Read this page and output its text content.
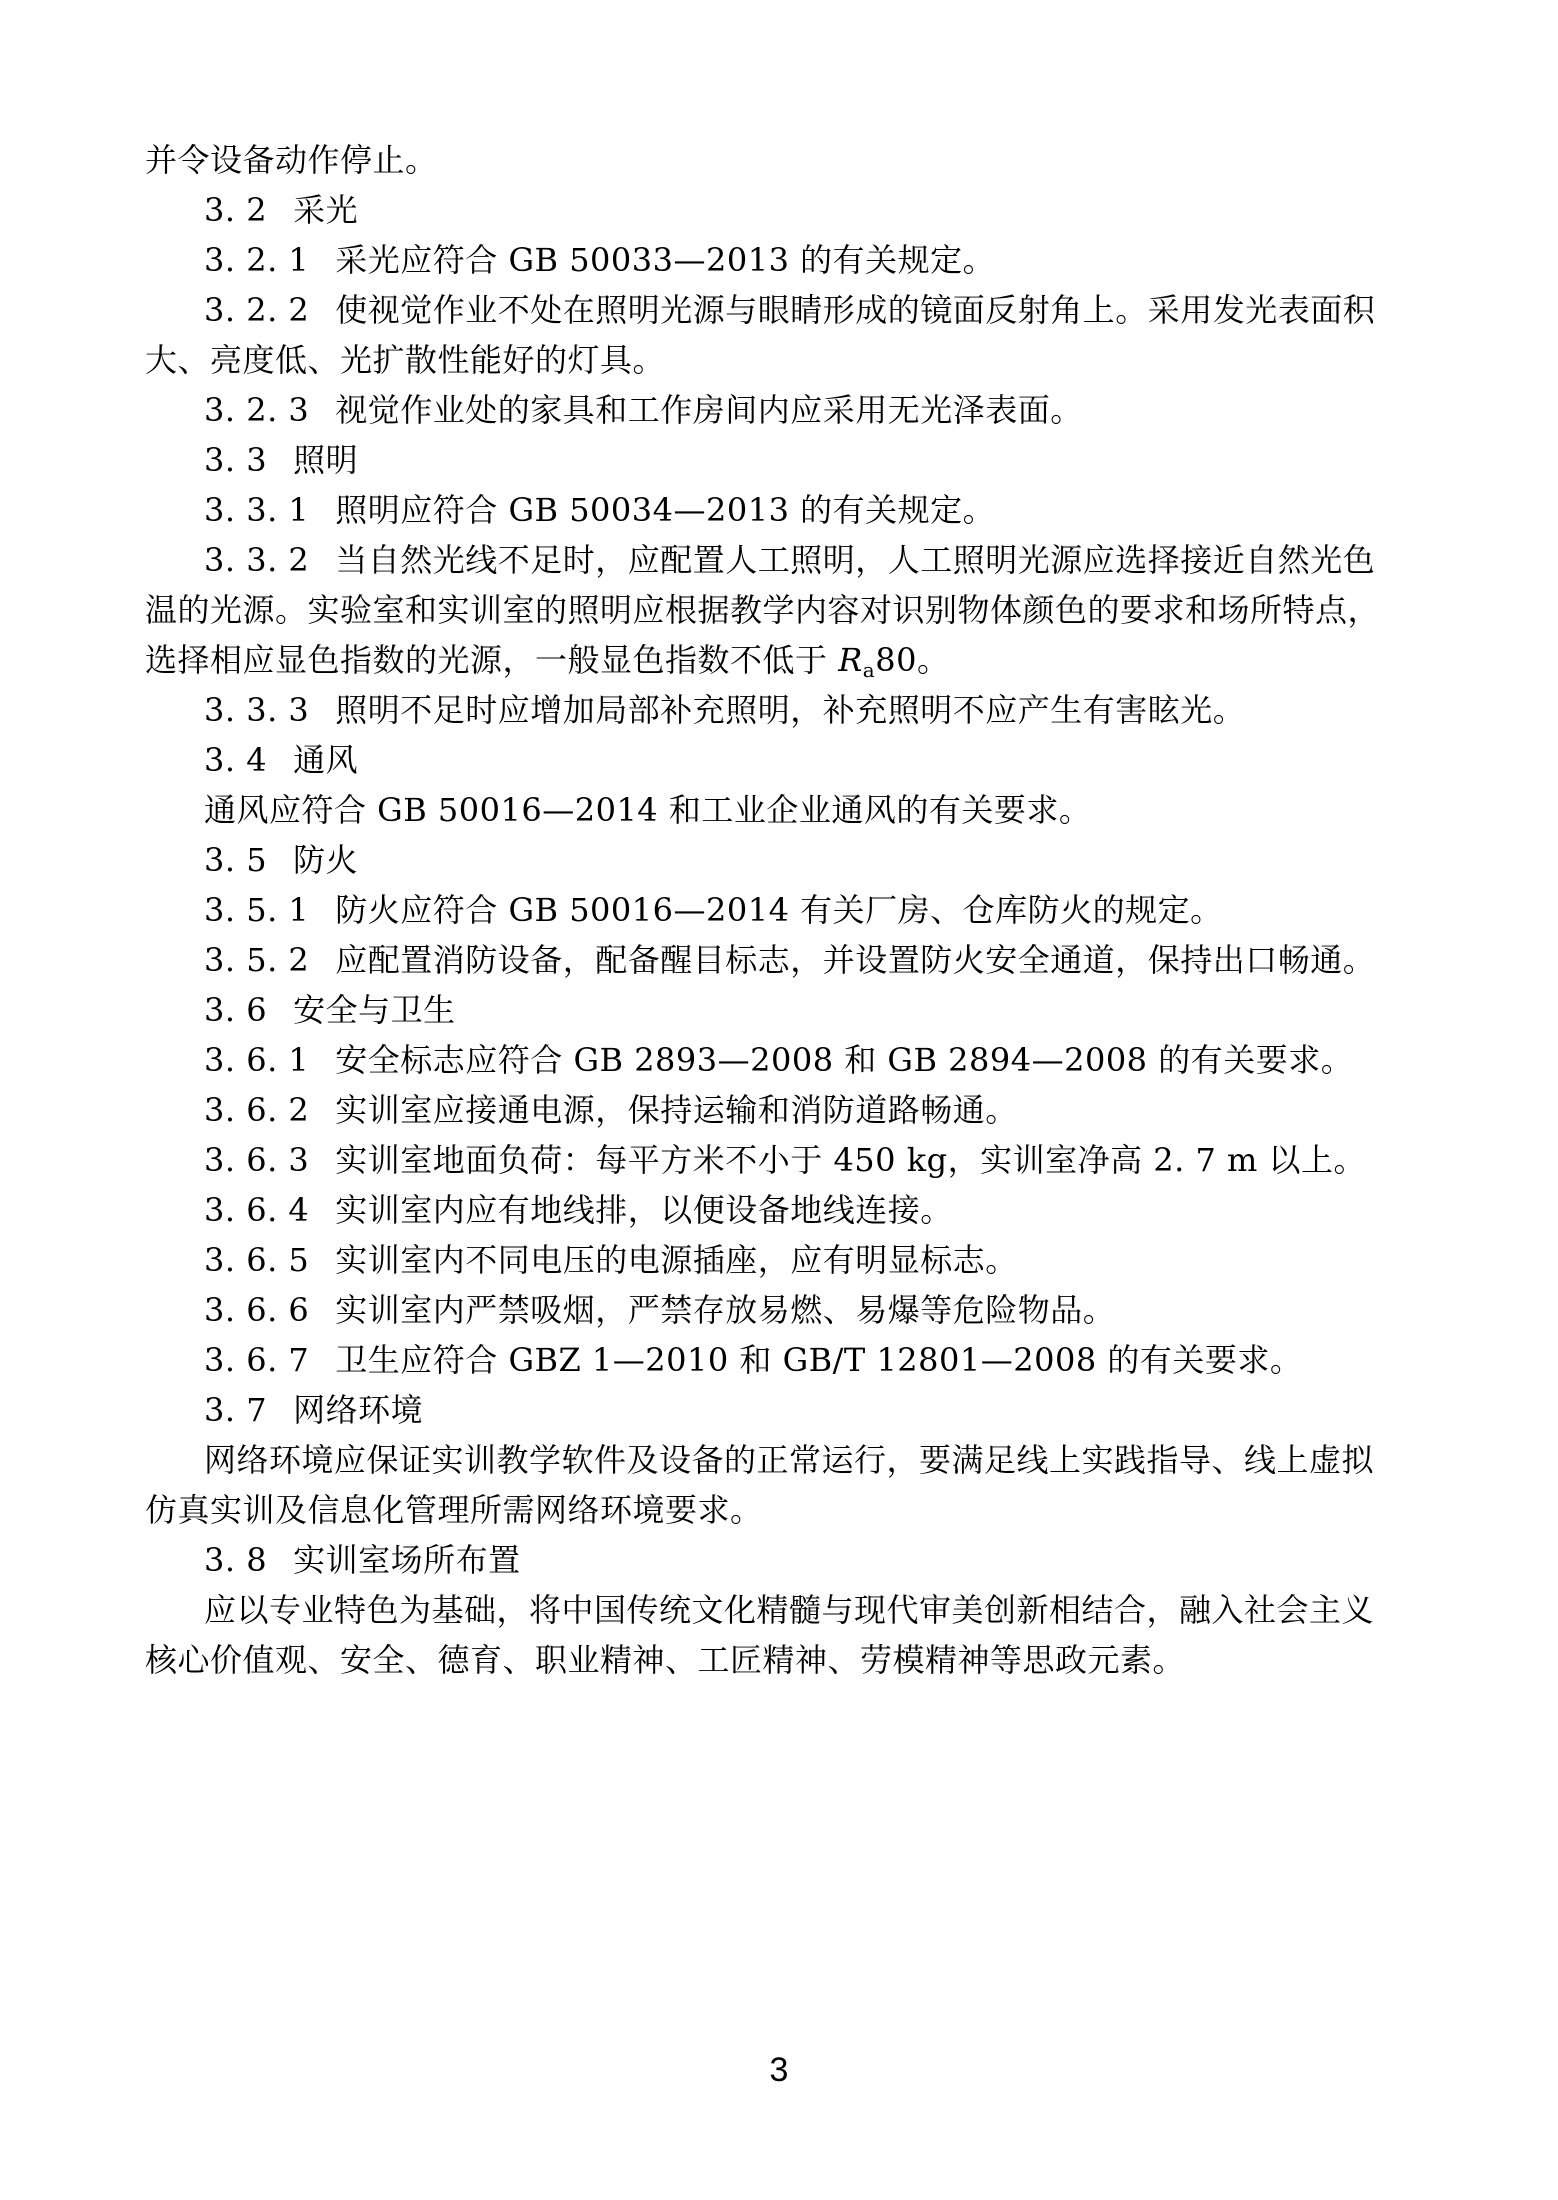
并令设备动作停止。
3. 2 采光
3. 2. 1 采光应符合 GB 50033—2013 的有关规定。
3. 2. 2 使视觉作业不处在照明光源与眼睛形成的镜面反射角上。采用发光表面积
大、亮度低、光扩散性能好的灯具。
3. 2. 3 视觉作业处的家具和工作房间内应采用无光泽表面。
3. 3 照明
3. 3. 1 照明应符合 GB 50034—2013 的有关规定。
3. 3. 2 当自然光线不足时，应配置人工照明，人工照明光源应选择接近自然光色
温的光源。实验室和实训室的照明应根据教学内容对识别物体颜色的要求和场所特点，
选择相应显色指数的光源，一般显色指数不低于 $R_a80$。
3. 3. 3 照明不足时应增加局部补充照明，补充照明不应产生有害眩光。
3. 4 通风
通风应符合 GB 50016—2014 和工业企业通风的有关要求。
3. 5 防火
3. 5. 1 防火应符合 GB 50016—2014 有关厂房、仓库防火的规定。
3. 5. 2 应配置消防设备，配备醒目标志，并设置防火安全通道，保持出口畅通。
3. 6 安全与卫生
3. 6. 1 安全标志应符合 GB 2893—2008 和 GB 2894—2008 的有关要求。
3. 6. 2 实训室应接通电源，保持运输和消防道路畅通。
3. 6. 3 实训室地面负荷：每平方米不小于 450 kg，实训室净高 2. 7 m 以上。
3. 6. 4 实训室内应有地线排，以便设备地线连接。
3. 6. 5 实训室内不同电压的电源插座，应有明显标志。
3. 6. 6 实训室内严禁吸烟，严禁存放易燃、易爆等危险物品。
3. 6. 7 卫生应符合 GBZ 1—2010 和 GB/T 12801—2008 的有关要求。
3. 7 网络环境
网络环境应保证实训教学软件及设备的正常运行，要满足线上实践指导、线上虚拟
仿真实训及信息化管理所需网络环境要求。
3. 8 实训室场所布置
应以专业特色为基础，将中国传统文化精髓与现代审美创新相结合，融入社会主义
核心价值观、安全、德育、职业精神、工匠精神、劳模精神等思政元素。
3
